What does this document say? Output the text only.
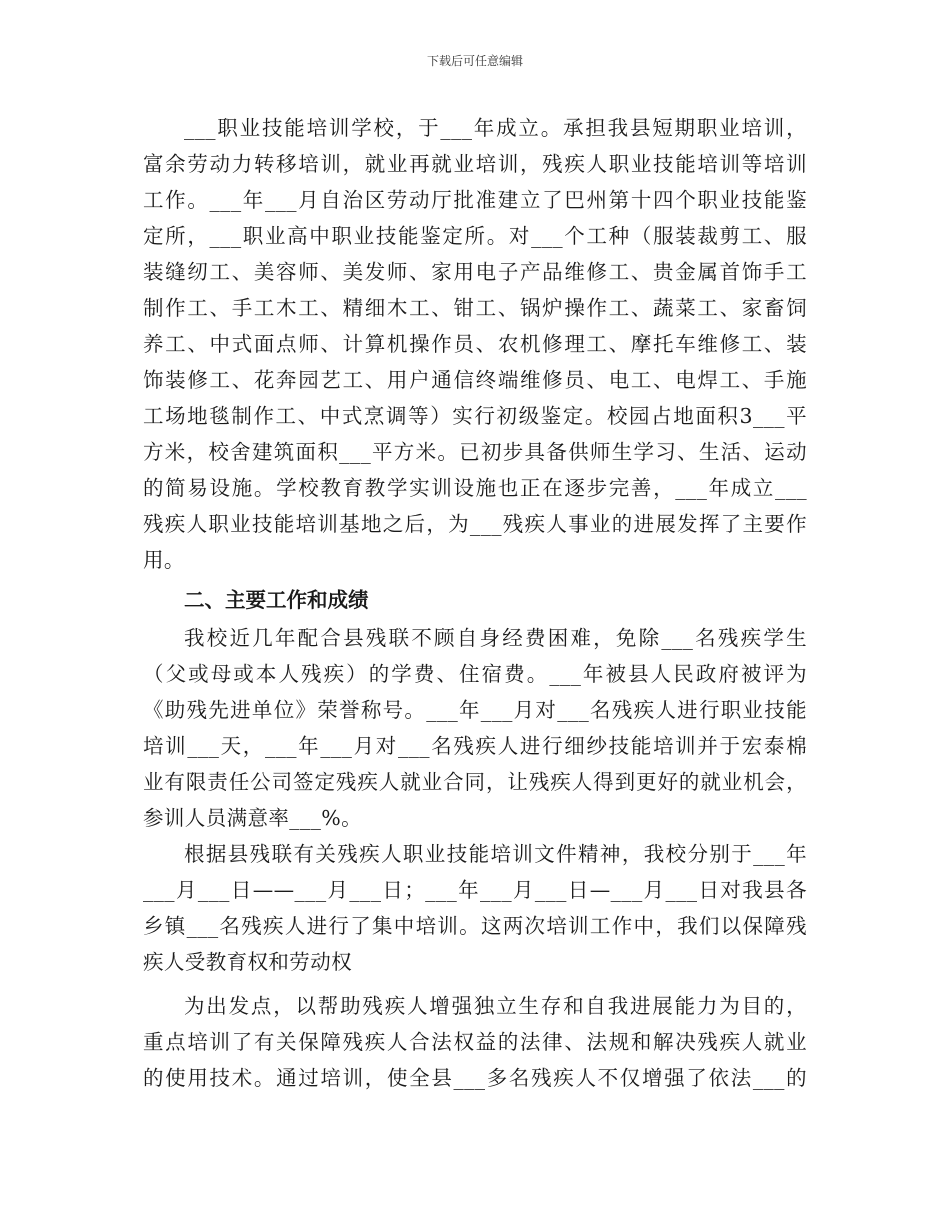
下载后可任意编辑
___职业技能培训学校，于___年成立。承担我县短期职业培训，
富余劳动力转移培训，就业再就业培训，残疾人职业技能培训等培训
工作。___年___月自治区劳动厅批准建立了巴州第十四个职业技能鉴
定所，___职业高中职业技能鉴定所。对___个工种（服装裁剪工、服
装缝纫工、美容师、美发师、家用电子产品维修工、贵金属首饰手工
制作工、手工木工、精细木工、钳工、锅炉操作工、蔬菜工、家畜饲
养工、中式面点师、计算机操作员、农机修理工、摩托车维修工、装
饰装修工、花奔园艺工、用户通信终端维修员、电工、电焊工、手施
工场地毯制作工、中式烹调等）实行初级鉴定。校园占地面积3___平
方米，校舍建筑面积___平方米。已初步具备供师生学习、生活、运动
的简易设施。学校教育教学实训设施也正在逐步完善，___年成立___
残疾人职业技能培训基地之后，为___残疾人事业的进展发挥了主要作
用。
二、主要工作和成绩
我校近几年配合县残联不顾自身经费困难，免除___名残疾学生
（父或母或本人残疾）的学费、住宿费。___年被县人民政府被评为
《助残先进单位》荣誉称号。___年___月对___名残疾人进行职业技能
培训___天，___年___月对___名残疾人进行细纱技能培训并于宏泰棉
业有限责任公司签定残疾人就业合同，让残疾人得到更好的就业机会，
参训人员满意率___%。
根据县残联有关残疾人职业技能培训文件精神，我校分别于___年
___月___日——___月___日；___年___月___日—___月___日对我县各
乡镇___名残疾人进行了集中培训。这两次培训工作中，我们以保障残
疾人受教育权和劳动权
为出发点，以帮助残疾人增强独立生存和自我进展能力为目的，
重点培训了有关保障残疾人合法权益的法律、法规和解决残疾人就业
的使用技术。通过培训，使全县___多名残疾人不仅增强了依法___的
